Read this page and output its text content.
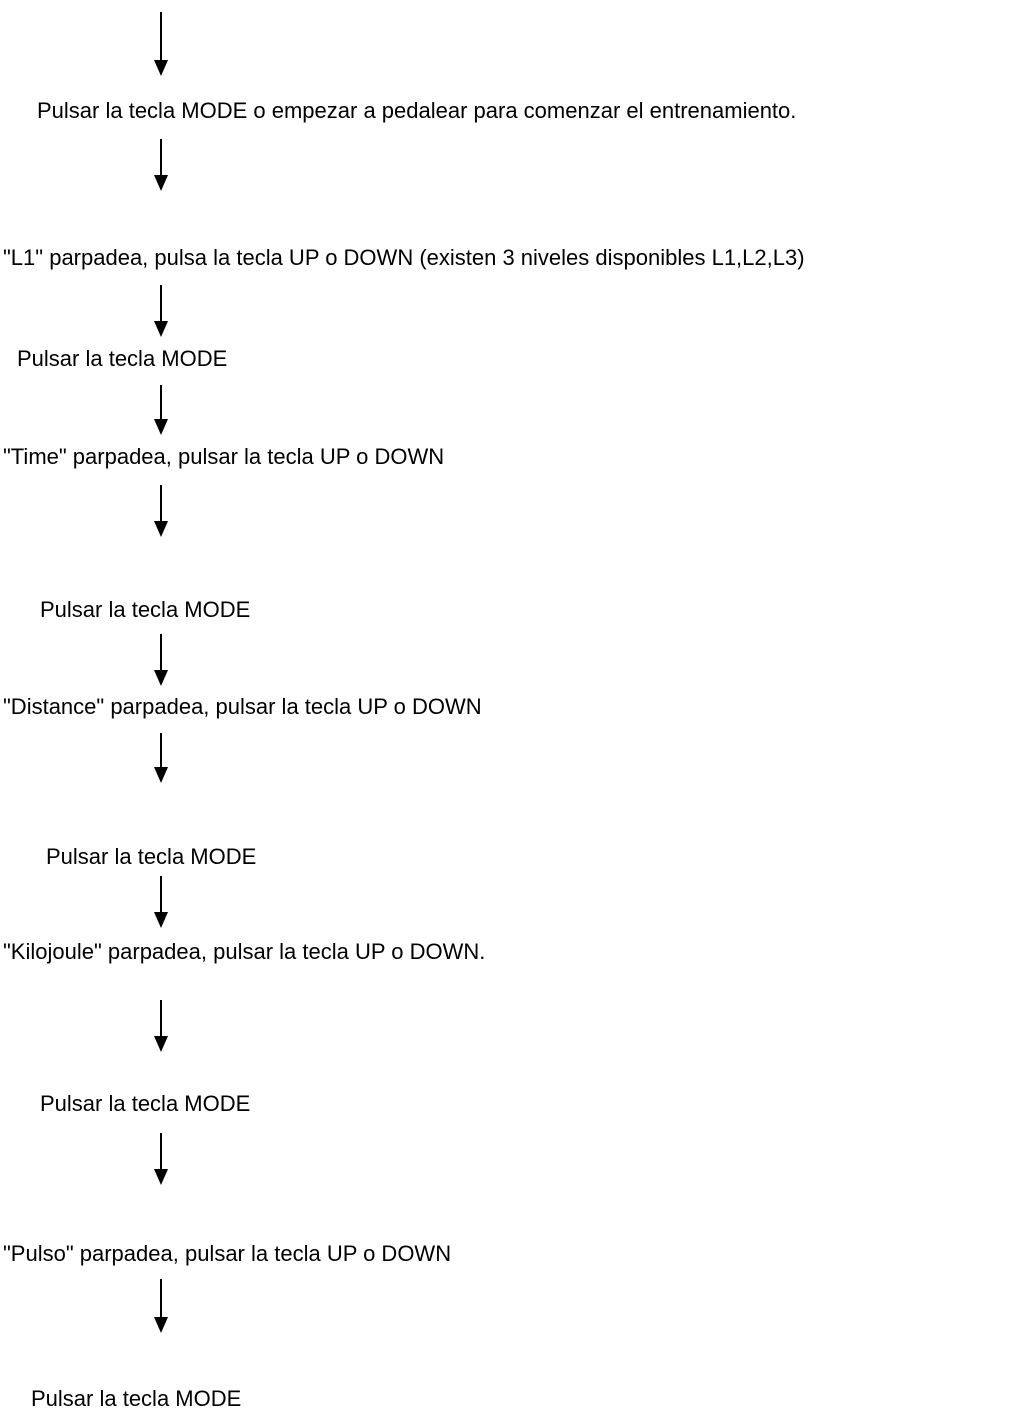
Pulsar la tecla MODE o empezar a pedalear para comenzar el entrenamiento.

"L1" parpadea, pulsa la tecla UP o DOWN (existen 3 niveles disponibles L1,L2,L3)

Pulsar la tecla MODE

"Time" parpadea, pulsar la tecla UP o DOWN

Pulsar la tecla MODE

"Distance" parpadea, pulsar la tecla UP o DOWN

Pulsar la tecla MODE

"Kilojoule" parpadea, pulsar la tecla UP o DOWN.

Pulsar la tecla MODE

"Pulso" parpadea, pulsar la tecla UP o DOWN

Pulsar la tecla MODE
